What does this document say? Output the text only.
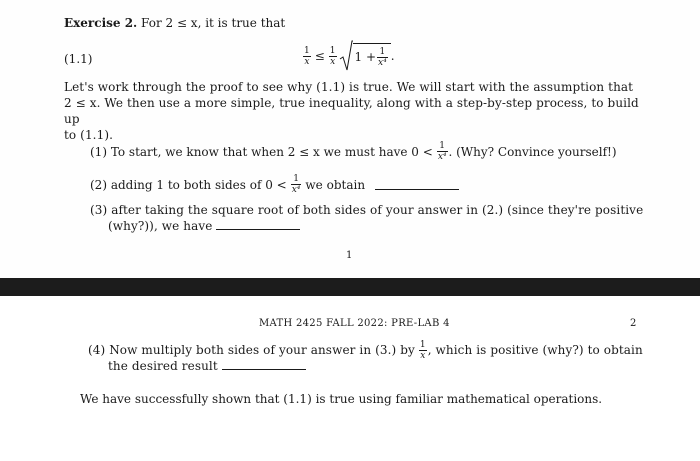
Exercise 2. For 2 ≤ x, it is true that
(1.1)	$\frac{1}{x} \le \frac{1}{x} 1 + \frac{1}{\text{x⁴}}$ .
Let's work through the proof to see why (1.1) is true. We will start with the assumption that
2 ≤ x. We then use a more simple, true inequality, along with a step-by-step process, to build up
to (1.1).
(1) To start, we know that when 2 ≤ x we must have $0 < \frac{1}{\text{x⁴}}$ . (Why? Convince yourself!)
(2) adding 1 to both sides of $0 < \frac{1}{\text{x⁴}}$ we obtain
(3) after taking the square root of both sides of your answer in (2.) (since they're positive
(why?)), we have
1
MATH 2425 FALL 2022: PRE-LAB 4	2
(4) Now multiply both sides of your answer in (3.) by $\frac{1}{x}$ , which is positive (why?) to obtain
the desired result
We have successfully shown that (1.1) is true using familiar mathematical operations.
